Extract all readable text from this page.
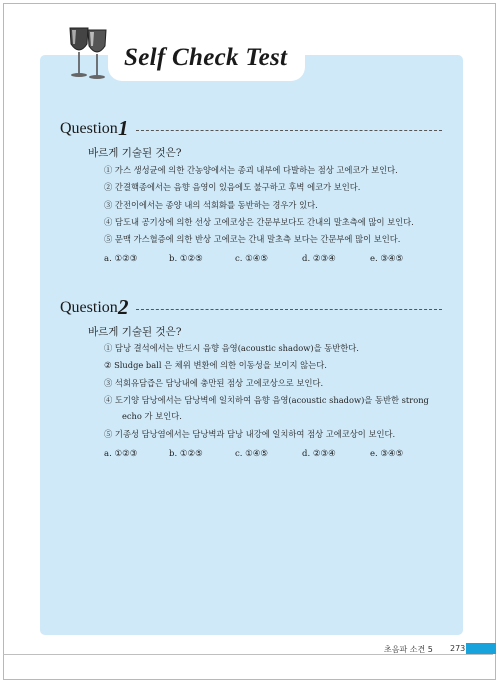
Self Check Test
Question 1
바르게 기술된 것은?
① 가스 생성균에 의한 간농양에서는 종괴 내부에 다발하는 점상 고에코가 보인다.
② 간결핵종에서는 음향 음영이 있음에도 불구하고 후벽 에코가 보인다.
③ 간전이에서는 종양 내의 석회화를 동반하는 경우가 있다.
④ 담도내 공기상에 의한 선상 고에코상은 간문부보다도 간내의 말초측에 많이 보인다.
⑤ 문맥 가스혈증에 의한 반상 고에코는 간내 말초측 보다는 간문부에 많이 보인다.
a. ①②③	b. ①②⑤	c. ①④⑤	d. ②③④	e. ③④⑤
Question 2
바르게 기술된 것은?
① 담낭 결석에서는 반드시 음향 음영(acoustic shadow)을 동반한다.
② Sludge ball 은 체위 변환에 의한 이동성을 보이지 않는다.
③ 석회유담즙은 담낭내에 충만된 점상 고에코상으로 보인다.
④ 도기양 담낭에서는 담낭벽에 일치하여 음향 음영(acoustic shadow)을 동반한 strong
echo 가 보인다.
⑤ 기종성 담낭염에서는 담낭벽과 담낭 내강에 일치하여 점상 고에코상이 보인다.
a. ①②③	b. ①②⑤	c. ①④⑤	d. ②③④	e. ③④⑤
초음파 소견 5 273
